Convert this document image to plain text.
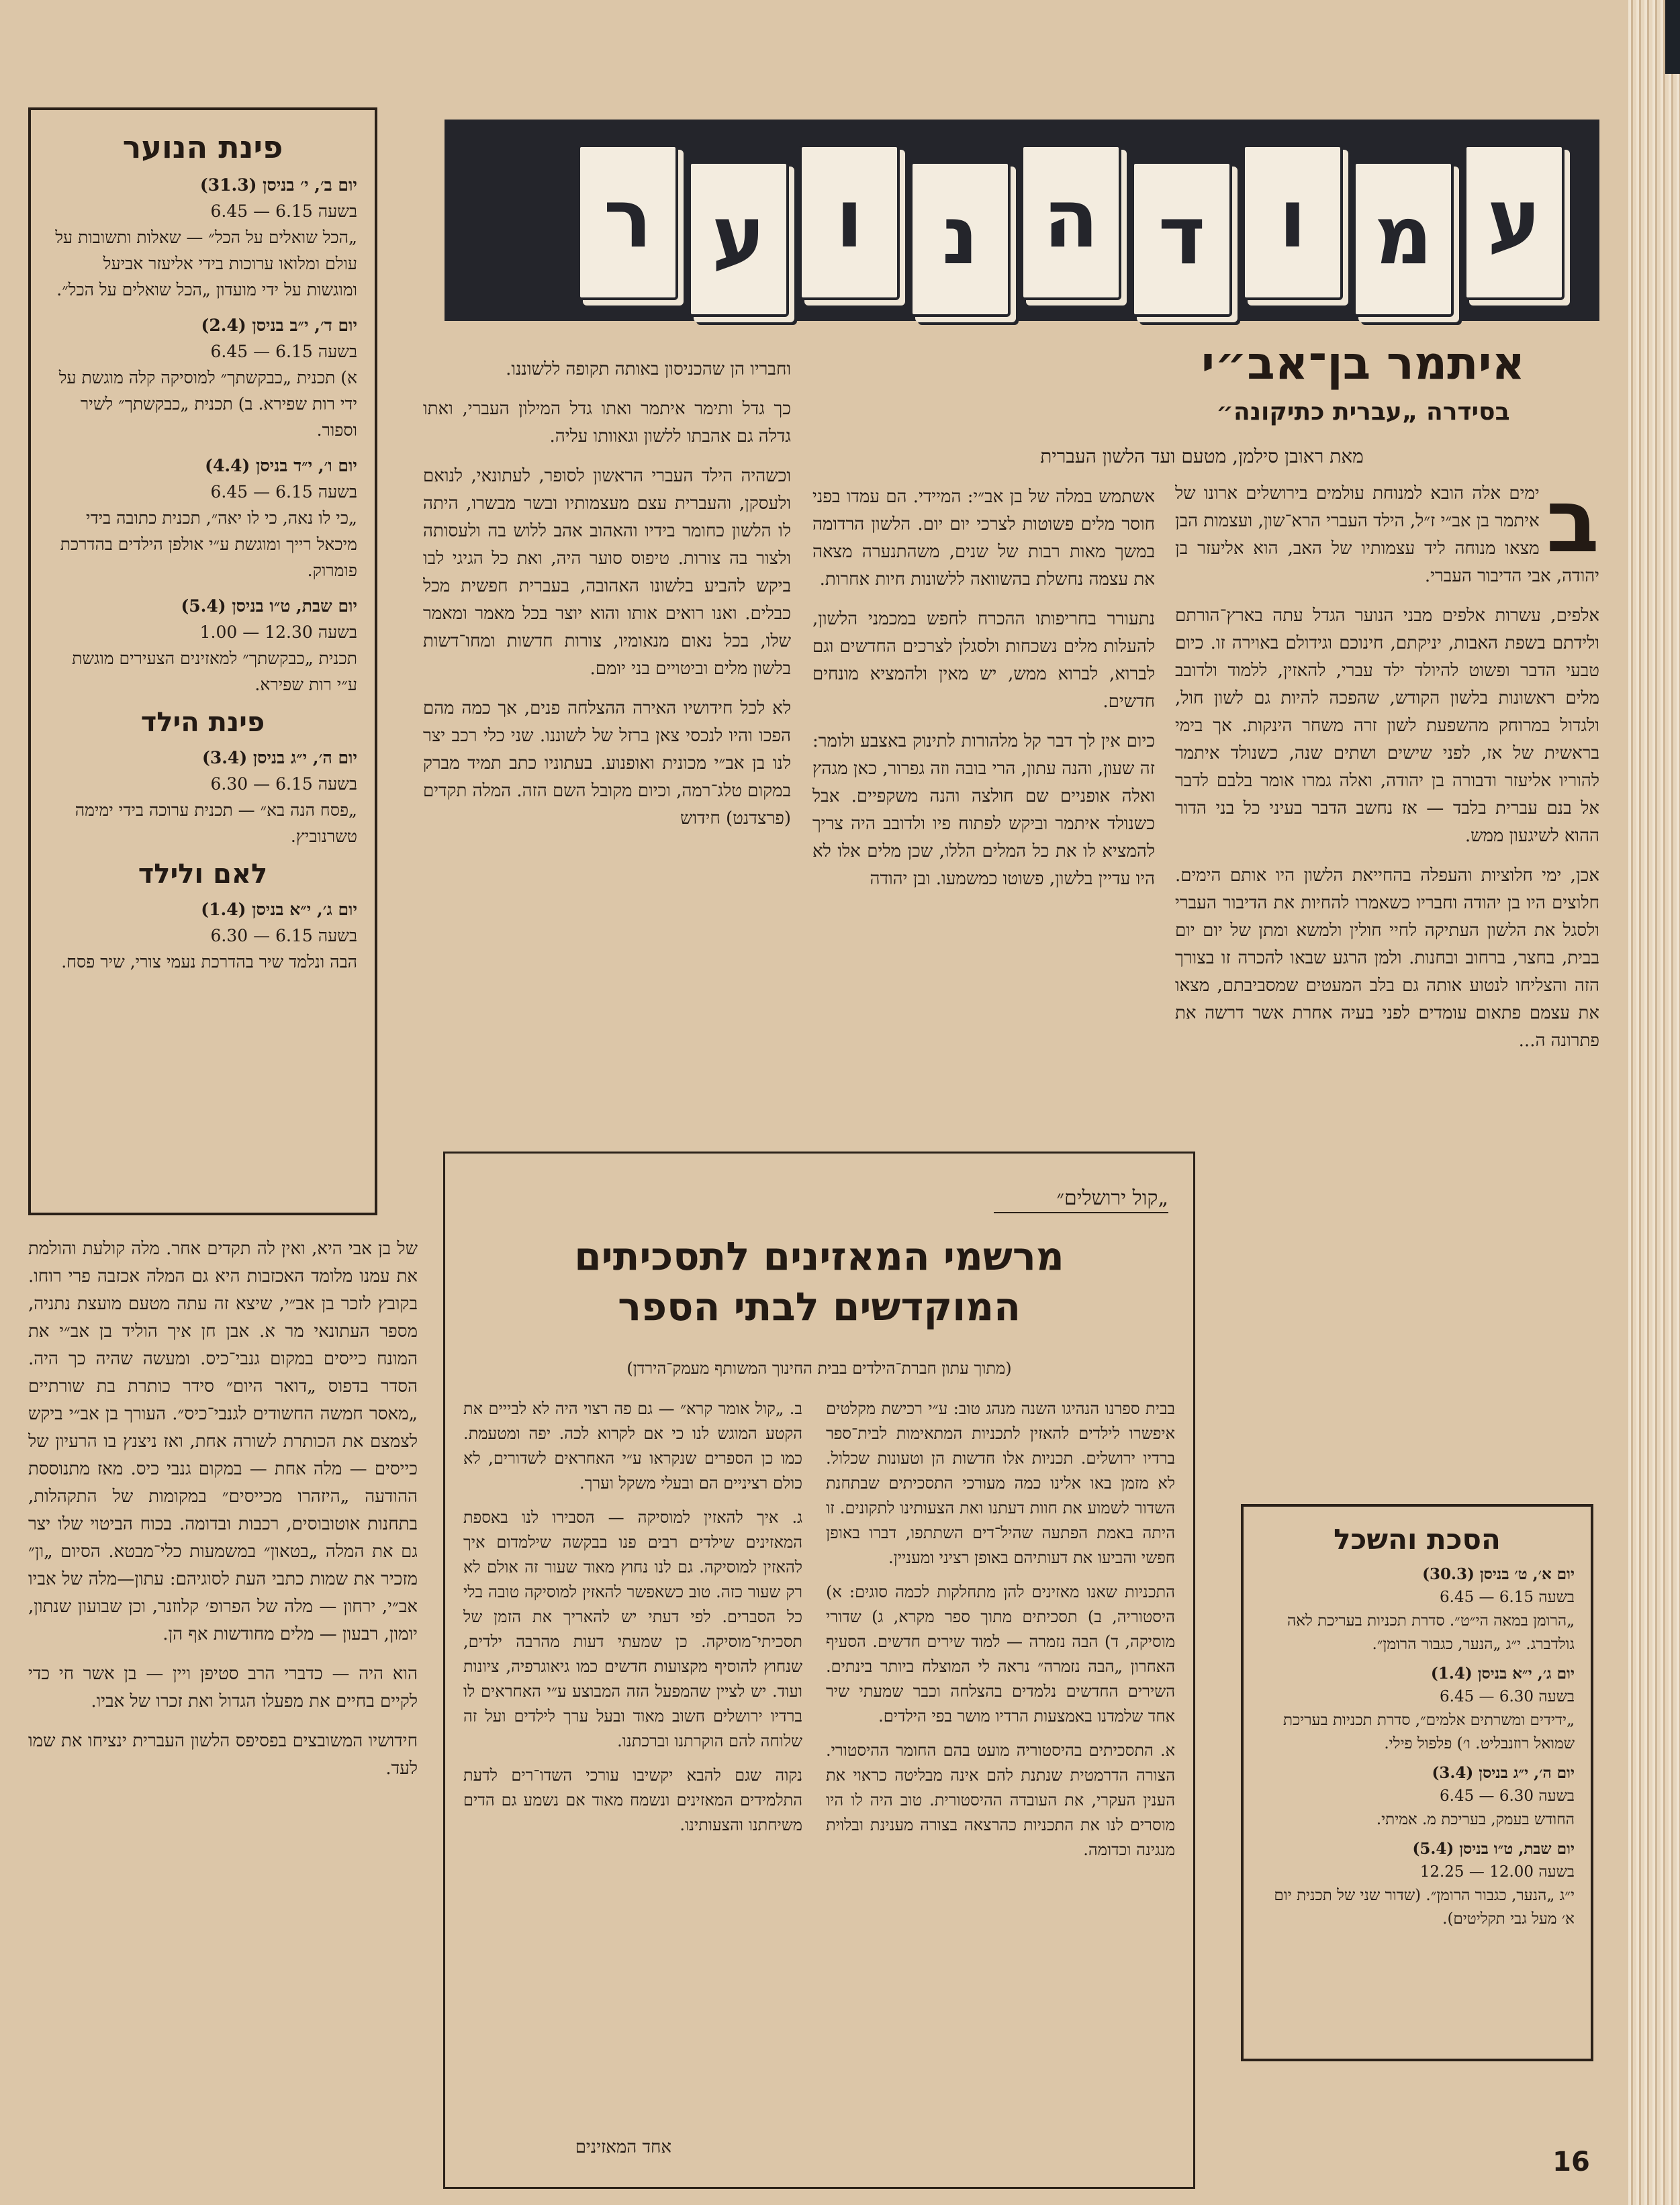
ע
מ
ו
ד
ה
נ
ו
ע
ר
פינת הנוער
יום ב׳, י׳ בניסן (31.3)
בשעה 6.15 — 6.45
„הכל שואלים על הכל״ — שאלות ותשובות על עולם ומלואו ערוכות בידי אליעזר אביעל ומוגשות על ידי מועדון „הכל שואלים על הכל״.
יום ד׳, י״ב בניסן (2.4)
בשעה 6.15 — 6.45
א) תכנית „כבקשתך״ למוסיקה קלה מוגשת על ידי רות שפירא. ב) תכנית „כבקשתך״ לשיר וספור.
יום ו׳, י״ד בניסן (4.4)
בשעה 6.15 — 6.45
„כי לו נאה, כי לו יאה״, תכנית כתובה בידי מיכאל רייך ומוגשת ע״י אולפן הילדים בהדרכת פומרוק.
יום שבת, ט״ו בניסן (5.4)
בשעה 12.30 — 1.00
תכנית „כבקשתך״ למאזינים הצעירים מוגשת ע״י רות שפירא.
פינת הילד
יום ה׳, י״ג בניסן (3.4)
בשעה 6.15 — 6.30
„פסח הנה בא״ — תכנית ערוכה בידי ימימה טשרנוביץ.
לאם ולילד
יום ג׳, י״א בניסן (1.4)
בשעה 6.15 — 6.30
הבה ונלמד שיר בהדרכת נעמי צורי, שיר פסח.
איתמר בן־אב״י
בסידרה „עברית כתיקונה״
מאת ראובן סילמן, מטעם ועד הלשון העברית

ב
ימים אלה הובא למנוחת עולמים בירושלים ארונו של איתמר בן אב״י ז״ל, הילד העברי הרא־שון, ועצמות הבן מצאו מנוחה ליד עצמותיו של האב, הוא אליעזר בן יהודה, אבי הדיבור העברי.

אלפים, עשרות אלפים מבני הנוער הגדל עתה בארץ־הורתם ולידתם בשפת האבות, יניקתם, חינוכם וגידולם באוירה זו. כיום טבעי הדבר ופשוט להיולד ילד עברי, להאזין, ללמוד ולדובב מלים ראשונות בלשון הקודש, שהפכה להיות גם לשון חול, ולגדול במרוחק מהשפעת לשון זרה משחר הינקות. אך בימי בראשית של אז, לפני שישים ושתים שנה, כשנולד איתמר להוריו אליעזר ודבורה בן יהודה, ואלה גמרו אומר בלבם לדבר אל בנם עברית בלבד — אז נחשב הדבר בעיני כל בני הדור ההוא לשיגעון ממש.

אכן, ימי חלוציות והעפלה בהחייאת הלשון היו אותם הימים. חלוצים היו בן יהודה וחבריו כשאמרו להחיות את הדיבור העברי ולסגל את הלשון העתיקה לחיי חולין ולמשא ומתן של יום יום בבית, בחצר, ברחוב ובחנות. ולמן הרגע שבאו להכרה זו בצורך הזה והצליחו לנטוע אותה גם בלב המעטים שמסביבתם, מצאו את עצמם פתאום עומדים לפני בעיה אחרת אשר דרשה את פתרונה ה...

אשתמש במלה של בן אב״י: המיידי. הם עמדו בפני חוסר מלים פשוטות לצרכי יום יום. הלשון הרדומה במשך מאות רבות של שנים, משהתנערה מצאה את עצמה נחשלת בהשוואה ללשונות חיות אחרות.

נתעורר בחריפותו ההכרח לחפש במכמני הלשון, להעלות מלים נשכחות ולסגלן לצרכים החדשים וגם לברוא, לברוא ממש, יש מאין ולהמציא מונחים חדשים.

כיום אין לך דבר קל מלהורות לתינוק באצבע ולומר: זה שעון, והנה עתון, הרי בובה וזה גפרור, כאן מגהץ ואלה אופניים שם חולצה והנה משקפיים. אבל כשנולד איתמר וביקש לפתוח פיו ולדובב היה צריך להמציא לו את כל המלים הללו, שכן מלים אלו לא היו עדיין בלשון, פשוטו כמשמעו. ובן יהודה

וחבריו הן שהכניסון באותה תקופה ללשוננו.

כך גדל ותימר איתמר ואתו גדל המילון העברי, ואתו גדלה גם אהבתו ללשון וגאוותו עליה.

וכשהיה הילד העברי הראשון לסופר, לעתונאי, לנואם ולעסקן, והעברית עצם מעצמותיו ובשר מבשרו, היתה לו הלשון כחומר בידיו והאהוב אהב ללוש בה ולעסותה ולצור בה צורות. טיפוס סוער היה, ואת כל הגיגי לבו ביקש להביע בלשונו האהובה, בעברית חפשית מכל כבלים. ואנו רואים אותו והוא יוצר בכל מאמר ומאמר שלו, בכל נאום מנאומיו, צורות חדשות ומחו־דשות בלשון מלים וביטויים בני יומם.

לא לכל חידושיו האירה ההצלחה פנים, אך כמה מהם הפכו והיו לנכסי צאן ברזל של לשוננו. שני כלי רכב יצר לנו בן אב״י מכונית ואופנוע. בעתוניו כתב תמיד מברק במקום טלג־רמה, וכיום מקובל השם הזה. המלה תקדים (פרצדנט) חידוש

של בן אבי היא, ואין לה תקדים אחר. מלה קולעת והולמת את עמנו מלומד האכזבות היא גם המלה אכזבה פרי רוחו. בקובץ לזכר בן אב״י, שיצא זה עתה מטעם מועצת נתניה, מספר העתונאי מר א. אבן חן איך הוליד בן אב״י את המונח כייסים במקום גנבי־כיס. ומעשה שהיה כך היה. הסדר בדפוס „דואר היום״ סידר כותרת בת שורתיים „מאסר חמשה החשודים לגנבי־כיס״. העורך בן אב״י ביקש לצמצם את הכותרת לשורה אחת, ואז ניצנץ בו הרעיון של כייסים — מלה אחת — במקום גנבי כיס. מאז מתנוססת ההודעה „היזהרו מכייסים״ במקומות של התקהלות, בתחנות אוטובוסים, רכבות ובדומה. בכוח הביטוי שלו יצר גם את המלה „בטאון״ במשמעות כלי־מבטא. הסיום „ון״ מזכיר את שמות כתבי העת לסוגיהם: עתון—מלה של אביו אב״י, ירחון — מלה של הפרופ׳ קלוזנר, וכן שבועון שנתון, יומון, רבעון — מלים מחודשות אף הן.

הוא היה — כדברי הרב סטיפן ויין — בן אשר חי כדי לקיים בחיים את מפעלו הגדול ואת זכרו של אביו.

חידושיו המשובצים בפסיפס הלשון העברית ינציחו את שמו לעד.

„קול ירושלים״
מרשמי המאזינים לתסכיתים
המוקדשים לבתי הספר
(מתוך עתון חברת־הילדים בבית החינוך המשותף מעמק־הירדן)

בבית ספרנו הנהיגו השנה מנהג טוב: ע״י רכישת מקלטים איפשרו לילדים להאזין לתכניות המתאימות לבית־ספר ברדיו ירושלים. תכניות אלו חדשות הן וטעונות שכלול. לא מזמן באו אלינו כמה מעורכי התסכיתים שבתחנת השדור לשמוע את חוות דעתנו ואת הצעותינו לתקונים. זו היתה באמת הפתעה שהיל־דים השתתפו, דברו באופן חפשי והביעו את דעותיהם באופן רציני ומעניין.

התכניות שאנו מאזינים להן מתחלקות לכמה סוגים: א) היסטוריה, ב) תסכיתים מתוך ספר מקרא, ג) שדורי מוסיקה, ד) הבה נזמרה — למוד שירים חדשים. הסעיף האחרון „הבה נזמרה״ נראה לי המוצלח ביותר בינתים. השירים החדשים נלמדים בהצלחה וכבר שמעתי שיר אחד שלמדנו באמצעות הרדיו מושר בפי הילדים.

א. התסכיתים בהיסטוריה מועט בהם החומר ההיסטורי. הצורה הדרמטית שנתנת להם אינה מבליטה כראוי את הענין העקרי, את העובדה ההיסטורית. טוב היה לו היו מוסרים לנו את התכניות כהרצאה בצורה מענינת ובלוית מנגינה וכדומה.

ב. „קול אומר קרא״ — גם פה רצוי היה לא לבייים את הקטע המוגש לנו כי אם לקרוא לכה. יפה ומטעמת. כמו כן הספרים שנקראו ע״י האחראים לשדורים, לא כולם רציניים הם ובעלי משקל וערך.

ג. איך להאזין למוסיקה — הסבירו לנו באספת המאזינים שילדים רבים פנו בבקשה שילמדום איך להאזין למוסיקה. גם לנו נחוץ מאוד שעור זה אולם לא רק שעור כזה. טוב כשאפשר להאזין למוסיקה טובה בלי כל הסברים. לפי דעתי יש להאריך את הזמן של תסכיתי־מוסיקה. כן שמעתי דעות מהרבה ילדים, שנחוץ להוסיף מקצועות חדשים כמו גיאוגרפיה, ציונות ועוד. יש לציין שהמפעל הזה המבוצע ע״י האחראים לו ברדיו ירושלים חשוב מאוד ובעל ערך לילדים ועל זה שלוחה להם הוקרתנו וברכתנו.

נקוה שגם להבא יקשיבו עורכי השדו־רים לדעת התלמידים המאזינים ונשמח מאוד אם נשמע גם הדים משיחתנו והצעותינו.

אחד המאזינים
הסכת והשכל
יום א׳, ט׳ בניסן (30.3)
בשעה 6.15 — 6.45
„הרומן במאה הי״ט״. סדרת תכניות בעריכת לאה גולדברג. י״ג „הנער, כגבור הרומן״.
יום ג׳, י״א בניסן (1.4)
בשעה 6.30 — 6.45
„ידידים ומשרתים אלמים״, סדרת תכניות בעריכת שמואל רוזנבליט. ו׳) פלפול פילי.
יום ה׳, י״ג בניסן (3.4)
בשעה 6.30 — 6.45
החודש בעמק, בעריכת מ. אמיתי.
יום שבת, ט״ו בניסן (5.4)
בשעה 12.00 — 12.25
י״ג „הנער, כגבור הרומן״. (שדור שני של תכנית יום א׳ מעל גבי תקליטים).
16
